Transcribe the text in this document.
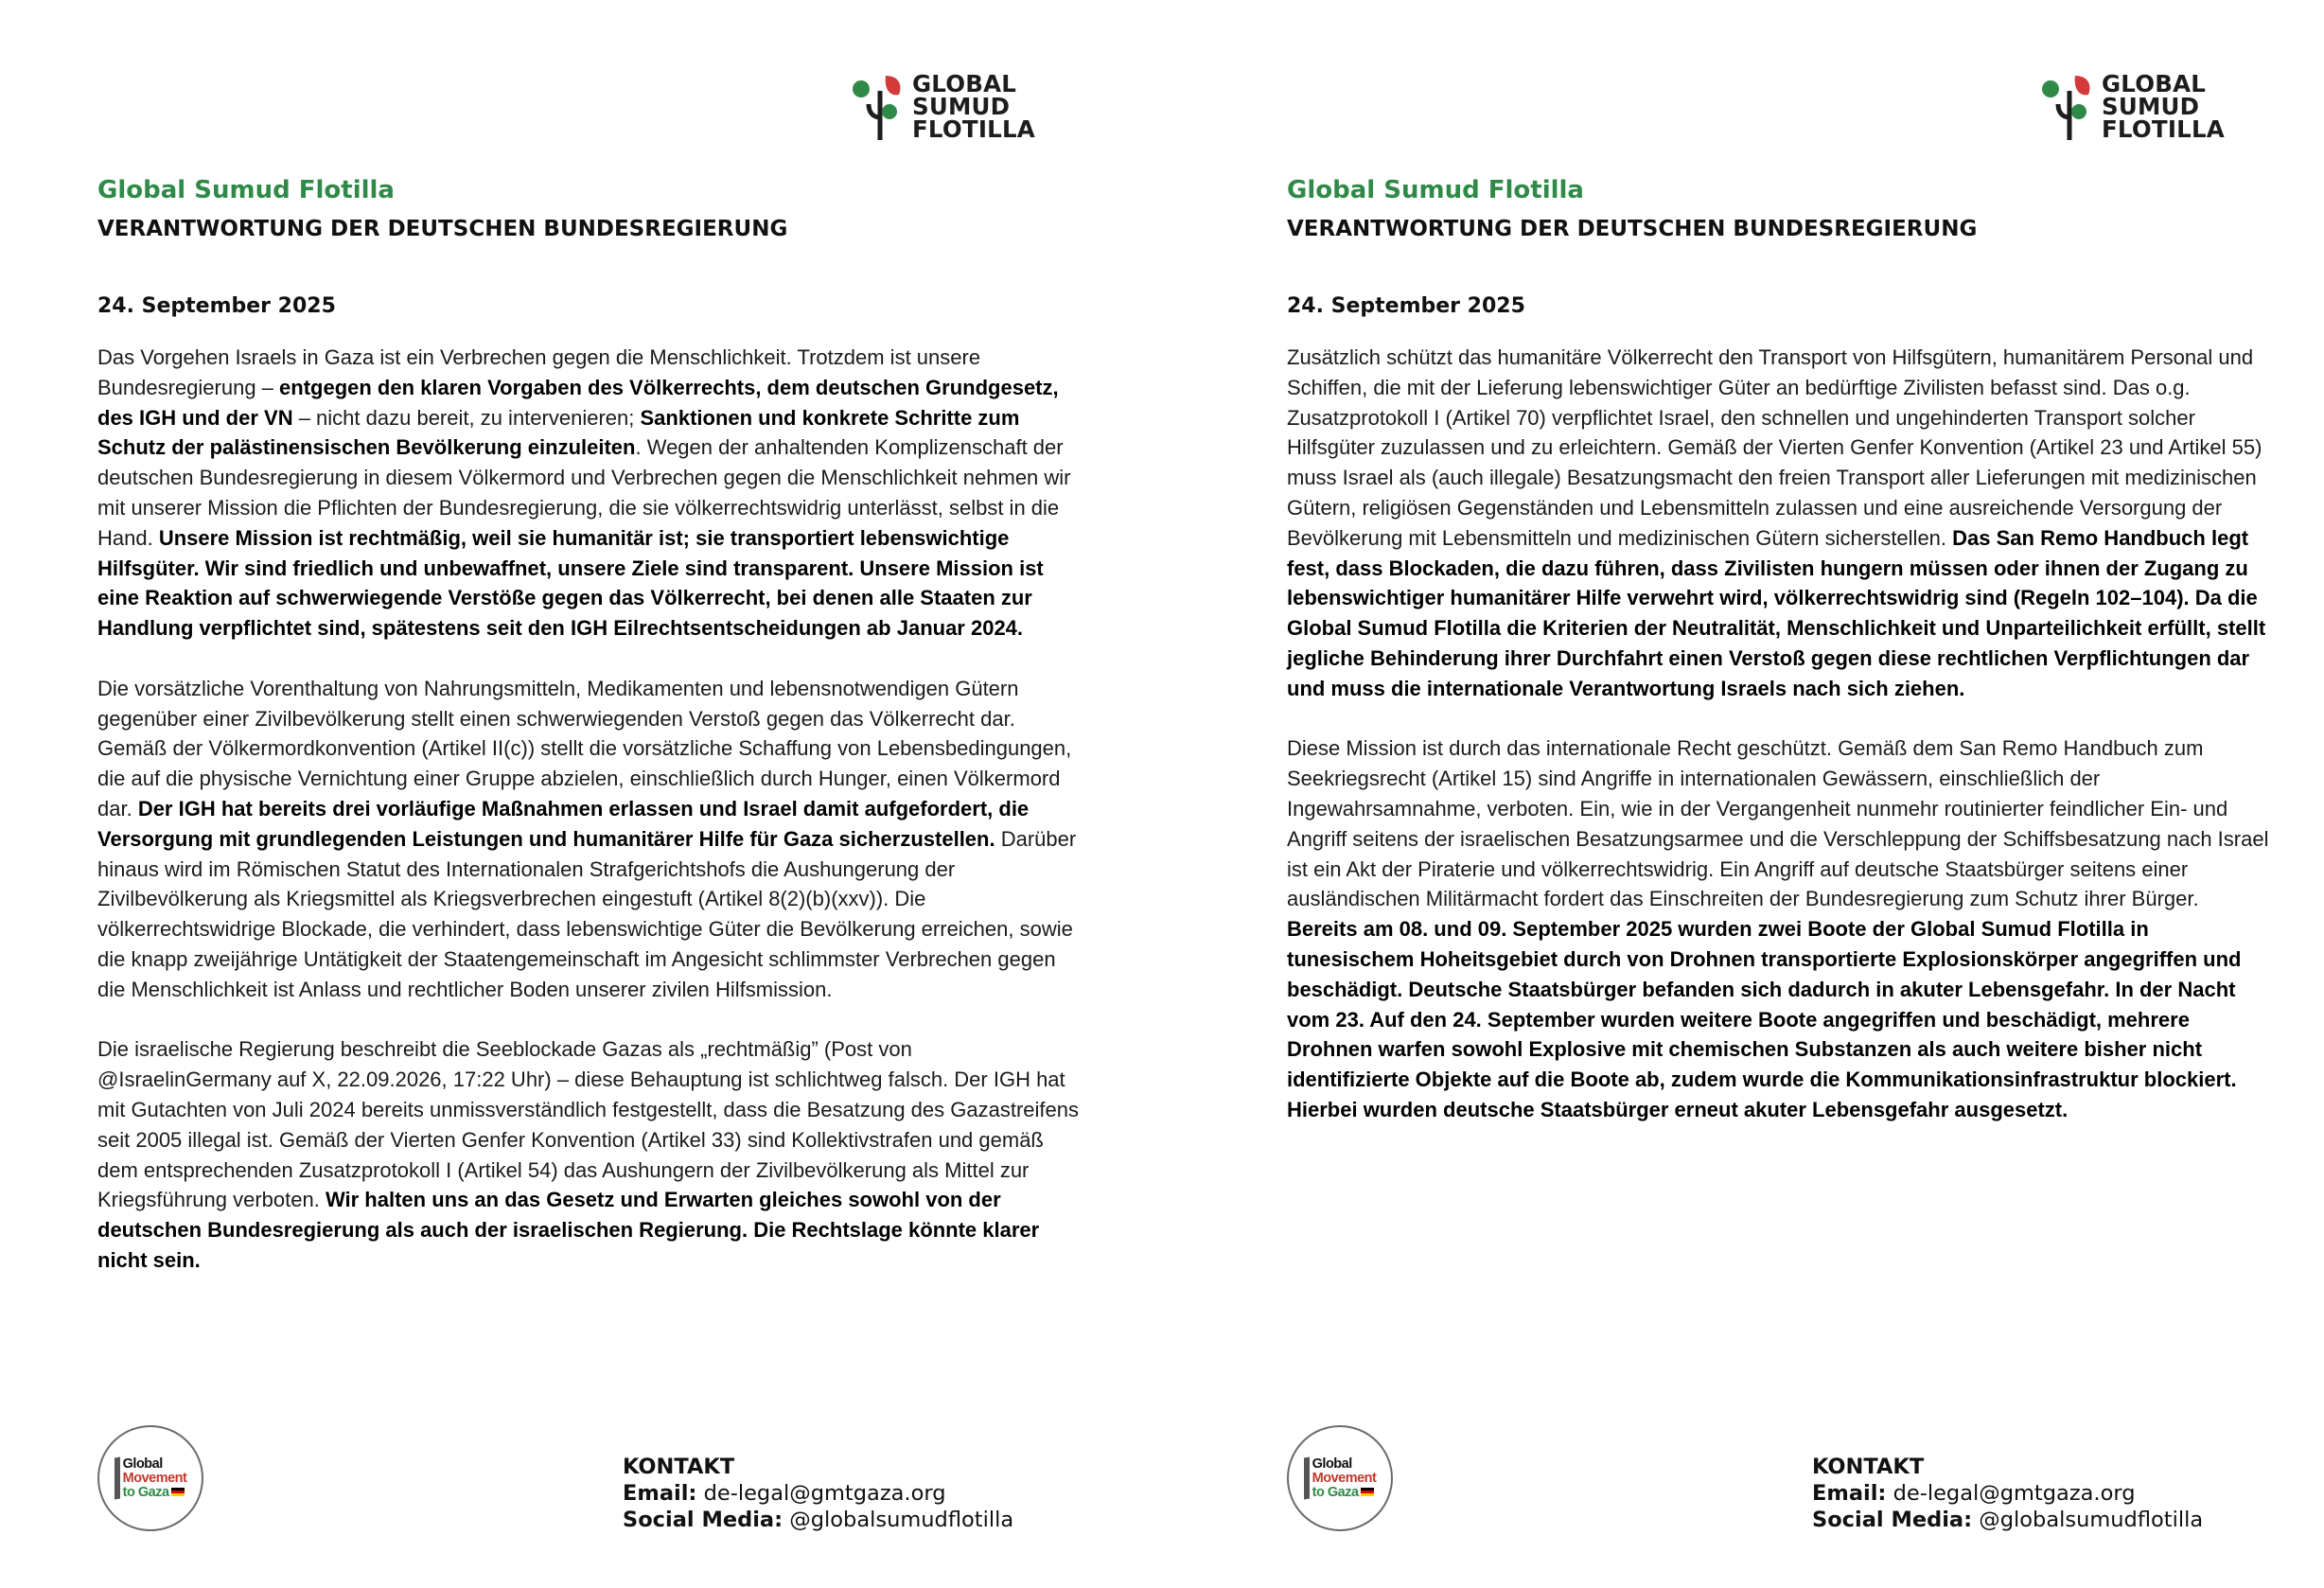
GLOBAL
SUMUD
FLOTILLA
Global Sumud Flotilla
VERANTWORTUNG DER DEUTSCHEN BUNDESREGIERUNG
24. September 2025

Das Vorgehen Israels in Gaza ist ein Verbrechen gegen die Menschlichkeit. Trotzdem ist unsere Bundesregierung – entgegen den klaren Vorgaben des Völkerrechts, dem deutschen Grundgesetz, des IGH und der VN – nicht dazu bereit, zu intervenieren; Sanktionen und konkrete Schritte zum Schutz der palästinensischen Bevölkerung einzuleiten. Wegen der anhaltenden Komplizenschaft der deutschen Bundesregierung in diesem Völkermord und Verbrechen gegen die Menschlichkeit nehmen wir mit unserer Mission die Pflichten der Bundesregierung, die sie völkerrechtswidrig unterlässt, selbst in die Hand. Unsere Mission ist rechtmäßig, weil sie humanitär ist; sie transportiert lebenswichtige Hilfsgüter. Wir sind friedlich und unbewaffnet, unsere Ziele sind transparent. Unsere Mission ist eine Reaktion auf schwerwiegende Verstöße gegen das Völkerrecht, bei denen alle Staaten zur Handlung verpflichtet sind, spätestens seit den IGH Eilrechtsentscheidungen ab Januar 2024.

Die vorsätzliche Vorenthaltung von Nahrungsmitteln, Medikamenten und lebensnotwendigen Gütern gegenüber einer Zivilbevölkerung stellt einen schwerwiegenden Verstoß gegen das Völkerrecht dar. Gemäß der Völkermordkonvention (Artikel II(c)) stellt die vorsätzliche Schaffung von Lebensbedingungen, die auf die physische Vernichtung einer Gruppe abzielen, einschließlich durch Hunger, einen Völkermord dar. Der IGH hat bereits drei vorläufige Maßnahmen erlassen und Israel damit aufgefordert, die Versorgung mit grundlegenden Leistungen und humanitärer Hilfe für Gaza sicherzustellen. Darüber hinaus wird im Römischen Statut des Internationalen Strafgerichtshofs die Aushungerung der Zivilbevölkerung als Kriegsmittel als Kriegsverbrechen eingestuft (Artikel 8(2)(b)(xxv)). Die völkerrechtswidrige Blockade, die verhindert, dass lebenswichtige Güter die Bevölkerung erreichen, sowie die knapp zweijährige Untätigkeit der Staatengemeinschaft im Angesicht schlimmster Verbrechen gegen die Menschlichkeit ist Anlass und rechtlicher Boden unserer zivilen Hilfsmission.

Die israelische Regierung beschreibt die Seeblockade Gazas als „rechtmäßig” (Post von @IsraelinGermany auf X, 22.09.2026, 17:22 Uhr) – diese Behauptung ist schlichtweg falsch. Der IGH hat mit Gutachten von Juli 2024 bereits unmissverständlich festgestellt, dass die Besatzung des Gazastreifens seit 2005 illegal ist. Gemäß der Vierten Genfer Konvention (Artikel 33) sind Kollektivstrafen und gemäß dem entsprechenden Zusatzprotokoll I (Artikel 54) das Aushungern der Zivilbevölkerung als Mittel zur Kriegsführung verboten. Wir halten uns an das Gesetz und Erwarten gleiches sowohl von der deutschen Bundesregierung als auch der israelischen Regierung. Die Rechtslage könnte klarer nicht sein.

Global
Movement
to Gaza
KONTAKT
Email: de-legal@gmtgaza.org
Social Media: @globalsumudflotilla
GLOBAL
SUMUD
FLOTILLA
Global Sumud Flotilla
VERANTWORTUNG DER DEUTSCHEN BUNDESREGIERUNG
24. September 2025

Zusätzlich schützt das humanitäre Völkerrecht den Transport von Hilfsgütern, humanitärem Personal und Schiffen, die mit der Lieferung lebenswichtiger Güter an bedürftige Zivilisten befasst sind. Das o.g. Zusatzprotokoll I (Artikel 70) verpflichtet Israel, den schnellen und ungehinderten Transport solcher Hilfsgüter zuzulassen und zu erleichtern. Gemäß der Vierten Genfer Konvention (Artikel 23 und Artikel 55) muss Israel als (auch illegale) Besatzungsmacht den freien Transport aller Lieferungen mit medizinischen Gütern, religiösen Gegenständen und Lebensmitteln zulassen und eine ausreichende Versorgung der Bevölkerung mit Lebensmitteln und medizinischen Gütern sicherstellen. Das San Remo Handbuch legt fest, dass Blockaden, die dazu führen, dass Zivilisten hungern müssen oder ihnen der Zugang zu lebenswichtiger humanitärer Hilfe verwehrt wird, völkerrechtswidrig sind (Regeln 102–104). Da die Global Sumud Flotilla die Kriterien der Neutralität, Menschlichkeit und Unparteilichkeit erfüllt, stellt jegliche Behinderung ihrer Durchfahrt einen Verstoß gegen diese rechtlichen Verpflichtungen dar und muss die internationale Verantwortung Israels nach sich ziehen.

Diese Mission ist durch das internationale Recht geschützt. Gemäß dem San Remo Handbuch zum Seekriegsrecht (Artikel 15) sind Angriffe in internationalen Gewässern, einschließlich der Ingewahrsamnahme, verboten. Ein, wie in der Vergangenheit nunmehr routinierter feindlicher Ein- und Angriff seitens der israelischen Besatzungsarmee und die Verschleppung der Schiffsbesatzung nach Israel ist ein Akt der Piraterie und völkerrechtswidrig. Ein Angriff auf deutsche Staatsbürger seitens einer ausländischen Militärmacht fordert das Einschreiten der Bundesregierung zum Schutz ihrer Bürger. Bereits am 08. und 09. September 2025 wurden zwei Boote der Global Sumud Flotilla in tunesischem Hoheitsgebiet durch von Drohnen transportierte Explosionskörper angegriffen und beschädigt. Deutsche Staatsbürger befanden sich dadurch in akuter Lebensgefahr. In der Nacht vom 23. Auf den 24. September wurden weitere Boote angegriffen und beschädigt, mehrere Drohnen warfen sowohl Explosive mit chemischen Substanzen als auch weitere bisher nicht identifizierte Objekte auf die Boote ab, zudem wurde die Kommunikationsinfrastruktur blockiert. Hierbei wurden deutsche Staatsbürger erneut akuter Lebensgefahr ausgesetzt.

Global
Movement
to Gaza
KONTAKT
Email: de-legal@gmtgaza.org
Social Media: @globalsumudflotilla
